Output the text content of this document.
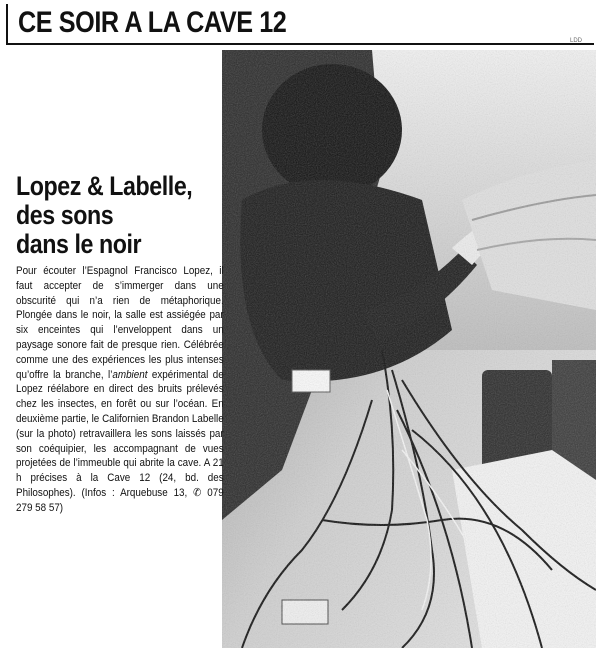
CE SOIR A LA CAVE 12
LDD
Lopez & Labelle,
des sons
dans le noir
Pour écouter l’Espagnol Francisco Lopez, il faut accepter de s’immerger dans une obscurité qui n’a rien de métaphorique. Plongée dans le noir, la salle est assiégée par six enceintes qui l’enveloppent dans un paysage sonore fait de presque rien. Célébrée comme une des expériences les plus intenses qu’offre la branche, l’ambient expérimental de Lopez réélabore en direct des bruits prélevés chez les insectes, en forêt ou sur l’océan. En deuxième partie, le Californien Brandon Labelle (sur la photo) retravaillera les sons laissés par son coéquipier, les accompagnant de vues projetées de l’immeuble qui abrite la cave. A 21 h précises à la Cave 12 (24, bd. des Philosophes). (Infos : Arquebuse 13, ✆ 079 279 58 57)
